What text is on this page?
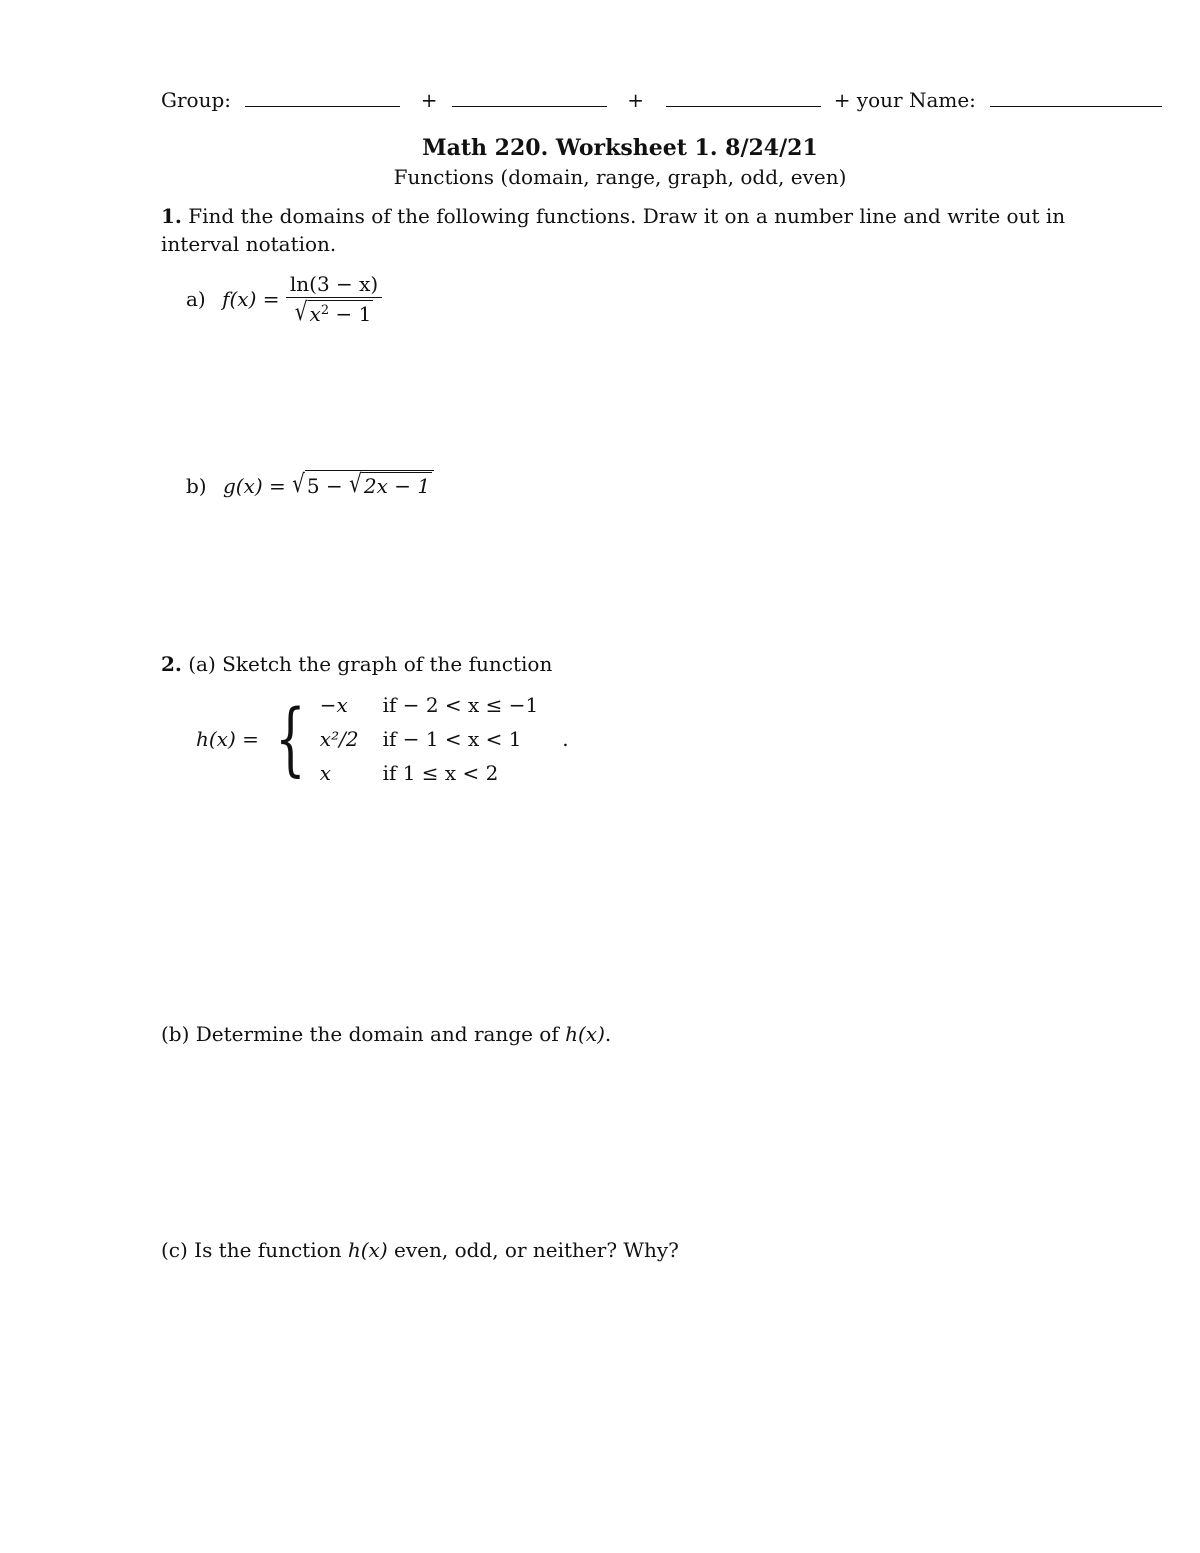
Group:	+	+	+ your Name:
Math 220. Worksheet 1. 8/24/21
Functions (domain, range, graph, odd, even)
1. Find the domains of the following functions. Draw it on a number line and write out in
interval notation.
a) $f(x) = \frac{\ln(3 - x)}{√ x^2 - 1}$
b) g(x) = √ 5 − √ 2x − 1
2. (a) Sketch the graph of the function
h(x) = { −x	if − 2 < x ≤ −1
x²/2	if − 1 < x < 1
x	if 1 ≤ x < 2
.
(b) Determine the domain and range of h(x).
(c) Is the function h(x) even, odd, or neither? Why?
